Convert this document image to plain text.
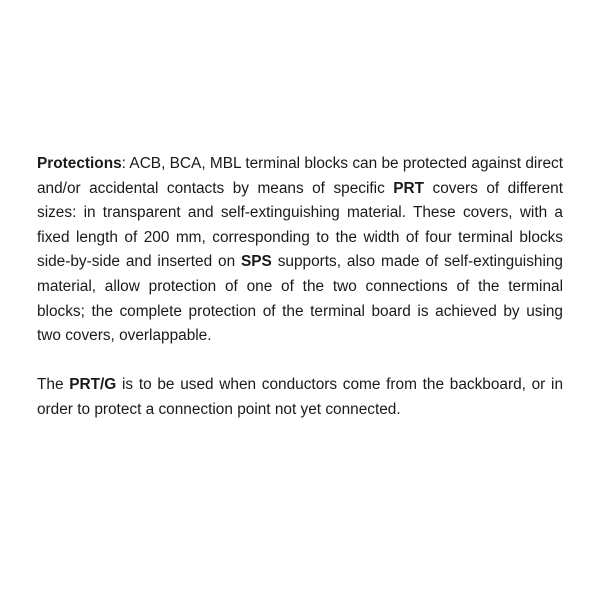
Protections: ACB, BCA, MBL terminal blocks can be protected against direct and/or accidental contacts by means of specific PRT covers of different sizes: in transparent and self-extinguishing material. These covers, with a fixed length of 200 mm, corresponding to the width of four terminal blocks side-by-side and inserted on SPS supports, also made of self-extinguishing material, allow protection of one of the two connections of the terminal blocks; the complete protection of the terminal board is achieved by using two covers, overlappable.

The PRT/G is to be used when conductors come from the backboard, or in order to protect a connection point not yet connected.
